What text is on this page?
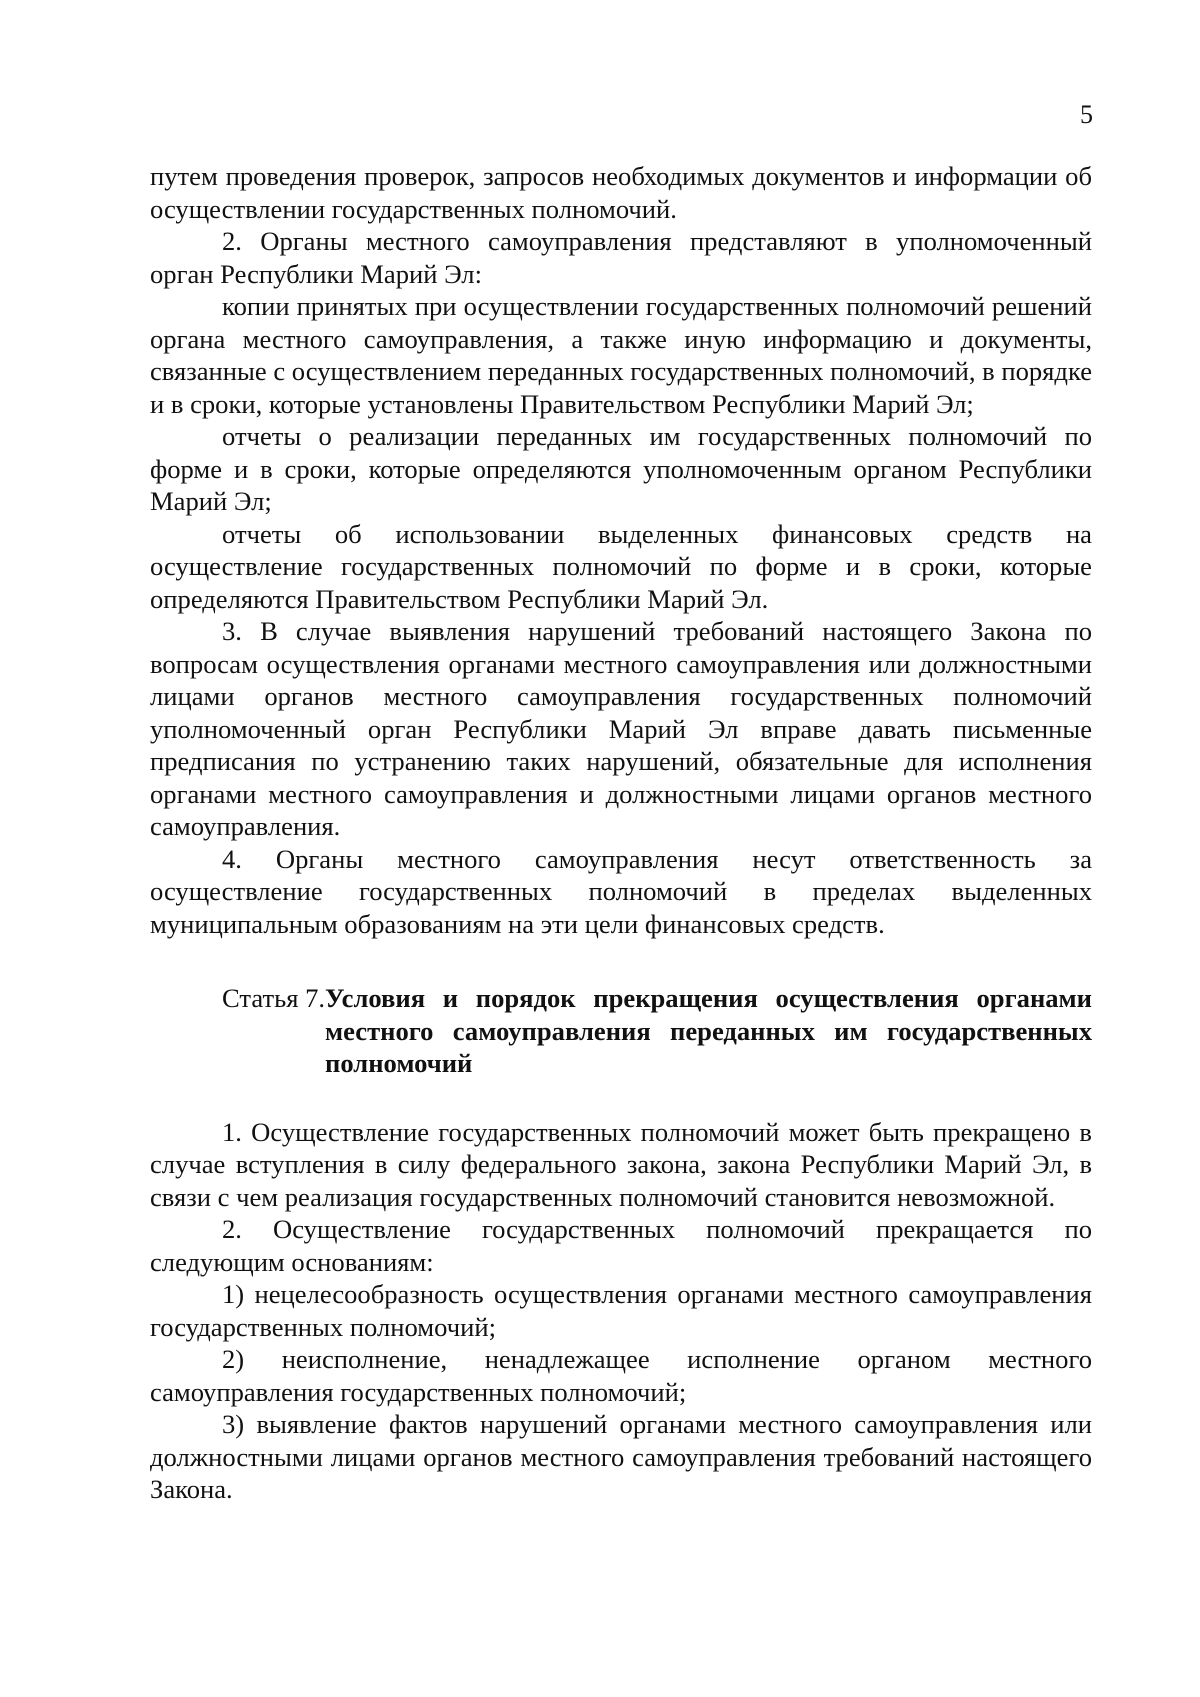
5

путем проведения проверок, запросов необходимых документов и информации об осуществлении государственных полномочий.

2. Органы местного самоуправления представляют в уполномоченный орган Республики Марий Эл:

копии принятых при осуществлении государственных полномочий решений органа местного самоуправления, а также иную информацию и документы, связанные с осуществлением переданных государственных полномочий, в порядке и в сроки, которые установлены Правительством Республики Марий Эл;

отчеты о реализации переданных им государственных полномочий по форме и в сроки, которые определяются уполномоченным органом Республики Марий Эл;

отчеты об использовании выделенных финансовых средств на осуществление государственных полномочий по форме и в сроки, которые определяются Правительством Республики Марий Эл.

3. В случае выявления нарушений требований настоящего Закона по вопросам осуществления органами местного самоуправления или должностными лицами органов местного самоуправления государственных полномочий уполномоченный орган Республики Марий Эл вправе давать письменные предписания по устранению таких нарушений, обязательные для исполнения органами местного самоуправления и должностными лицами органов местного самоуправления.

4. Органы местного самоуправления несут ответственность за осуществление государственных полномочий в пределах выделенных муниципальным образованиям на эти цели финансовых средств.

Статья 7. Условия и порядок прекращения осуществления органами местного самоуправления переданных им государственных полномочий

1. Осуществление государственных полномочий может быть прекращено в случае вступления в силу федерального закона, закона Республики Марий Эл, в связи с чем реализация государственных полномочий становится невозможной.

2. Осуществление государственных полномочий прекращается по следующим основаниям:

1) нецелесообразность осуществления органами местного самоуправления государственных полномочий;

2) неисполнение, ненадлежащее исполнение органом местного самоуправления государственных полномочий;

3) выявление фактов нарушений органами местного самоуправления или должностными лицами органов местного самоуправления требований настоящего Закона.
